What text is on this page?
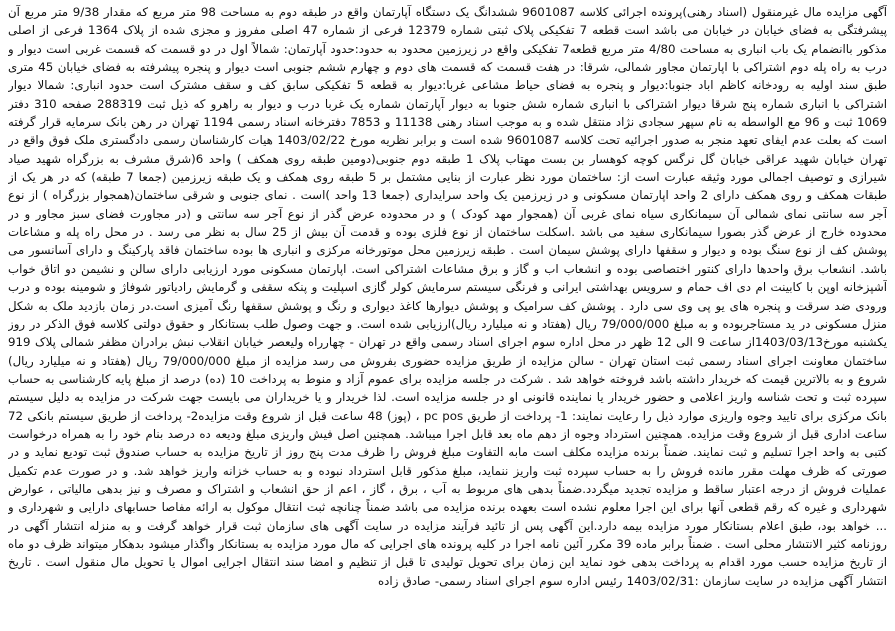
آگهی مزایده مال غیرمنقول (اسناد رهنی)پرونده اجرائی کلاسه 9601087 ششدانگ یک دستگاه آپارتمان واقع در طبقه دوم به مساحت 98 متر مربع که مقدار 9/38 متر مربع آن پیشرفتگی به فضای خیابان در خیابان می باشد است قطعه 7 تفکیکی پلاک ثبتی شماره 12379 فرعی از شماره 47 اصلی مفروز و مجزی شده از پلاک 1364 فرعی از اصلی مذکور باانضمام یک باب انباری به مساحت 4/80 متر مربع قطعه7 تفکیکی واقع در زیرزمین محدود به حدود:حدود آپارتمان: شمالاً اول در دو قسمت که قسمت غربی است دیوار و درب به راه پله دوم اشتراکی با اپارتمان مجاور شمالی، شرقا: در هفت قسمت که قسمت های دوم و چهارم ششم جنوبی است دیوار و پنجره پیشرفته به فضای خیابان 45 متری طبق سند اولیه به رودخانه کاظم اباد جنوبا:دیوار و پنجره به فضای حیاط مشاعی غربا:دیوار به قطعه 5 تفکیکی سابق کف و سقف مشترک است حدود انباری: شمالا دیوار اشتراکی با انباری شماره پنج شرقا دیوار اشتراکی با انباری شماره شش جنوبا به دیوار آپارتمان شماره یک غربا درب و دیوار به راهرو که ذیل ثبت 288319 صفحه 310 دفتر 1069 ثبت و 96 مع الواسطه به نام سپهر سجادی نژاد منتقل شده و به موجب اسناد رهنی 11138 و 7853 دفترخانه اسناد رسمی 1194 تهران در رهن بانک سرمایه قرار گرفته است که بعلت عدم ایفای تعهد منجر به صدور اجرائیه تحت کلاسه 9601087 شده است و برابر نظریه مورخ 1403/02/22 هیات کارشناسان رسمی دادگستری ملک فوق واقع در تهران خیابان شهید عراقی خیابان گل نرگس کوچه کوهسار بن بست مهتاب پلاک 1 طبقه دوم جنوبی(دومین طبقه روی همکف ) واحد 6(شرق مشرف به بزرگراه شهید صیاد شیرازی و توصیف اجمالی مورد وثیقه عبارت است از: ساختمان مورد نظر عبارت از بنایی مشتمل بر 5 طبقه روی همکف و یک طبقه زیرزمین (جمعا 7 طبقه) که در هر یک از طبقات همکف و روی همکف دارای 2 واحد اپارتمان مسکونی و در زیرزمین یک واحد سرایداری (جمعا 13 واحد )است . نمای جنوبی و شرقی ساختمان(همجوار بزرگراه ) از نوع آجر سه سانتی نمای شمالی آن سیمانکاری سیاه نمای غربی آن (همجوار مهد کودک ) و در محدوده عرض گذر از نوع آجر سه سانتی و (در مجاورت فضای سبز مجاور و در محدوده خارج از عرض گذر بصورا سیمانکاری سفید می باشد .اسکلت ساختمان از نوع فلزی بوده و قدمت آن بیش از 25 سال به نظر می رسد . در محل راه پله و مشاعات پوشش کف از نوع سنگ بوده و دیوار و سقفها دارای پوشش سیمان است . طبقه زیرزمین محل موتورخانه مرکزی و انباری ها بوده ساختمان فاقد پارکینگ و دارای آسانسور می باشد. انشعاب برق واحدها دارای کنتور اختصاصی بوده و انشعاب اب و گاز و برق مشاعات اشتراکی است. اپارتمان مسکونی مورد ارزیابی دارای سالن و نشیمن دو اتاق خواب آشپزخانه اوپن با کابینت ام دی اف حمام و سرویس بهداشتی ایرانی و فرنگی سیستم سرمایش کولر گازی اسپلیت و پنکه سقفی و گرمایش رادیاتور شوفاژ و شومینه بوده و درب ورودی ضد سرقت و پنجره های یو پی وی سی دارد . پوشش کف سرامیک و پوشش دیوارها کاغذ دیواری و رنگ و پوشش سقفها رنگ آمیزی است.در زمان بازدید ملک به شکل منزل مسکونی در ید مستاجربوده و به مبلغ 79/000/000 ریال (هفتاد و نه میلیارد ریال)ارزیابی شده است. و جهت وصول طلب بستانکار و حقوق دولتی کلاسه فوق الذکر در روز یکشنبه مورخ1403/03/13از ساعت 9 الی 12 ظهر در محل اداره سوم اجرای اسناد رسمی واقع در تهران - چهارراه ولیعصر خیابان انقلاب نبش برادران مظفر شمالی پلاک 919 ساختمان معاونت اجرای اسناد رسمی ثبت استان تهران - سالن مزایده از طریق مزایده حضوری بفروش می رسد مزایده از مبلغ 79/000/000 ریال (هفتاد و نه میلیارد ریال) شروع و به بالاترین قیمت که خریدار داشته باشد فروخته خواهد شد . شرکت در جلسه مزایده برای عموم آزاد و منوط به پرداخت 10 (ده) درصد از مبلغ پایه کارشناسی به حساب سپرده ثبت و تحت شناسه واریز اعلامی و حضور خریدار یا نماینده قانونی او در جلسه مزایده است. لذا خریدار و یا خریداران می بایست جهت شرکت در مزایده به دلیل سیستم بانک مرکزی برای تایید وجوه واریزی موارد ذیل را رعایت نمایند: 1- پرداخت از طریق pc pos ، (پوز) 48 ساعت قبل از شروع وقت مزایده2- پرداخت از طریق سیستم بانکی 72 ساعت اداری قبل از شروع وقت مزایده. همچنین استرداد وجوه از دهم ماه بعد قابل اجرا میباشد. همچنین اصل فیش واریزی مبلغ ودیعه ده درصد بنام خود را به همراه درخواست کتبی به واحد اجرا تسلیم و ثبت نمایند. ضمناً برنده مزایده مکلف است مابه التفاوت مبلغ فروش را ظرف مدت پنج روز از تاریخ مزایده به حساب صندوق ثبت تودیع نماید و در صورتی که ظرف مهلت مقرر مانده فروش را به حساب سپرده ثبت واریز ننماید، مبلغ مذکور قابل استرداد نبوده و به حساب خزانه واریز خواهد شد. و در صورت عدم تکمیل عملیات فروش از درجه اعتبار ساقط و مزایده تجدید میگردد.ضمناً بدهی های مربوط به آب ، برق ، گاز ، اعم از حق انشعاب و اشتراک و مصرف و نیز بدهی مالیاتی ، عوارض شهرداری و غیره که رقم قطعی آنها برای این اجرا معلوم نشده است بعهده برنده مزایده می باشد ضمناً چنانچه ثبت انتقال موکول به ارائه مفاصا حسابهای دارایی و شهرداری و ... خواهد بود، طبق اعلام بستانکار مورد مزایده بیمه دارد.این آگهی پس از تائید فرآیند مزایده در سایت آگهی های سازمان ثبت قرار خواهد گرفت و به منزله انتشار آگهی در روزنامه کثیر الانتشار محلی است . ضمناً برابر ماده 39 مکرر آئین نامه اجرا در کلیه پرونده های اجرایی که مال مورد مزایده به بستانکار واگذار میشود بدهکار میتواند ظرف دو ماه از تاریخ مزایده حسب مورد اقدام به پرداخت بدهی خود نماید این زمان برای تحویل تولیدی تا قبل از تنظیم و امضا سند انتقال اجرایی اموال یا تحویل مال منقول است . تاریخ انتشار آگهی مزایده در سایت سازمان :1403/02/31 رئیس اداره سوم اجرای اسناد رسمی- صادق زاده
